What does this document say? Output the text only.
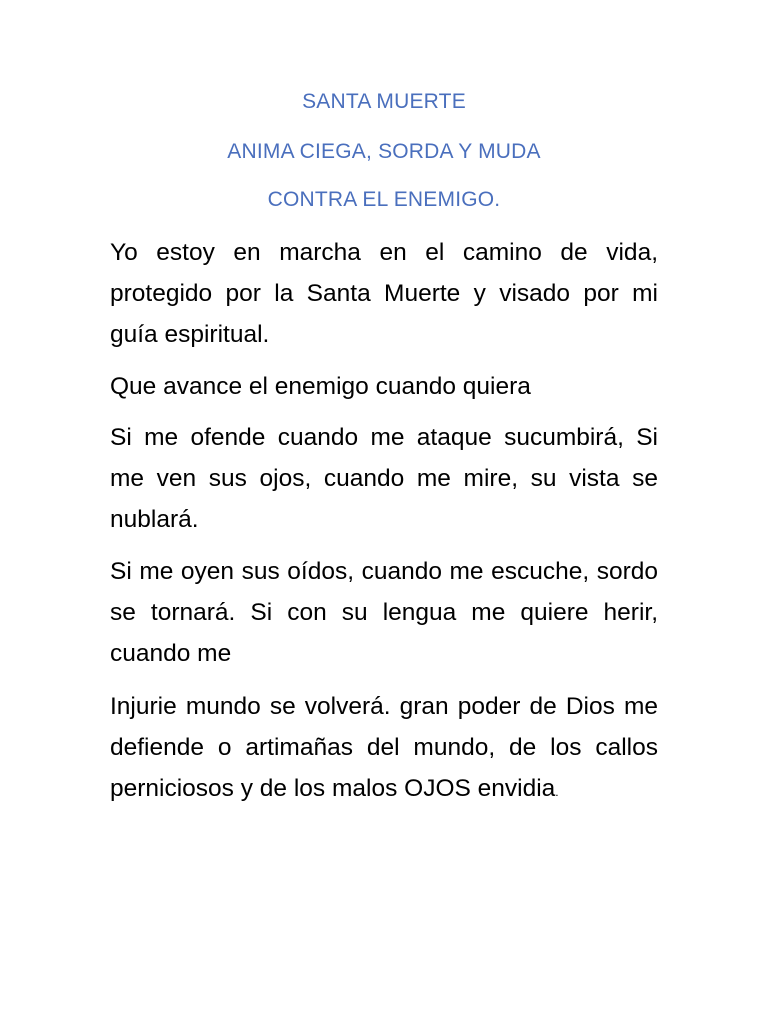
SANTA MUERTE
ANIMA CIEGA, SORDA Y MUDA
CONTRA EL ENEMIGO.

Yo estoy en marcha en el camino de vida, protegido por la Santa Muerte y visado por mi guía espiritual.

Que avance el enemigo cuando quiera

Si me ofende cuando me ataque sucumbirá, Si me ven sus ojos, cuando me mire, su vista se nublará.

Si me oyen sus oídos, cuando me escuche, sordo se tornará. Si con su lengua me quiere herir, cuando me

Injurie mundo se volverá. gran poder de Dios me defiende o artimañas del mundo, de los callos perniciosos y de los malos OJOS envidia.
